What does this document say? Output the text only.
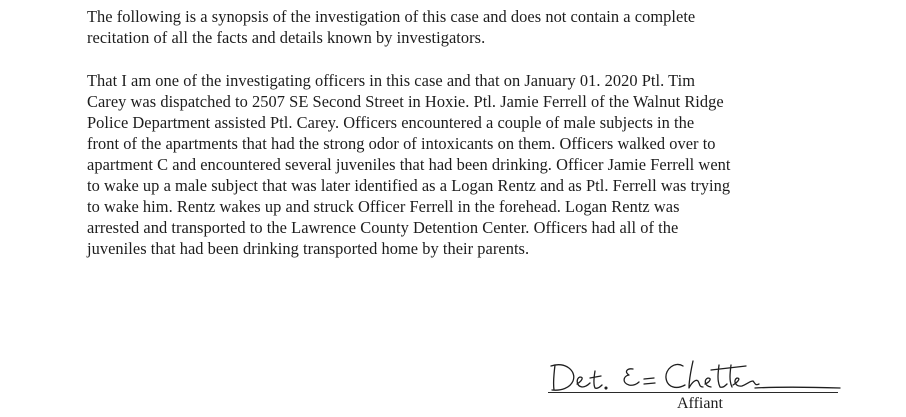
The following is a synopsis of the investigation of this case and does not contain a complete
recitation of all the facts and details known by investigators.

That I am one of the investigating officers in this case and that on January 01. 2020 Ptl. Tim
Carey was dispatched to 2507 SE Second Street in Hoxie. Ptl. Jamie Ferrell of the Walnut Ridge
Police Department assisted Ptl. Carey. Officers encountered a couple of male subjects in the
front of the apartments that had the strong odor of intoxicants on them. Officers walked over to
apartment C and encountered several juveniles that had been drinking. Officer Jamie Ferrell went
to wake up a male subject that was later identified as a Logan Rentz and as Ptl. Ferrell was trying
to wake him. Rentz wakes up and struck Officer Ferrell in the forehead. Logan Rentz was
arrested and transported to the Lawrence County Detention Center. Officers had all of the
juveniles that had been drinking transported home by their parents.

Affiant
